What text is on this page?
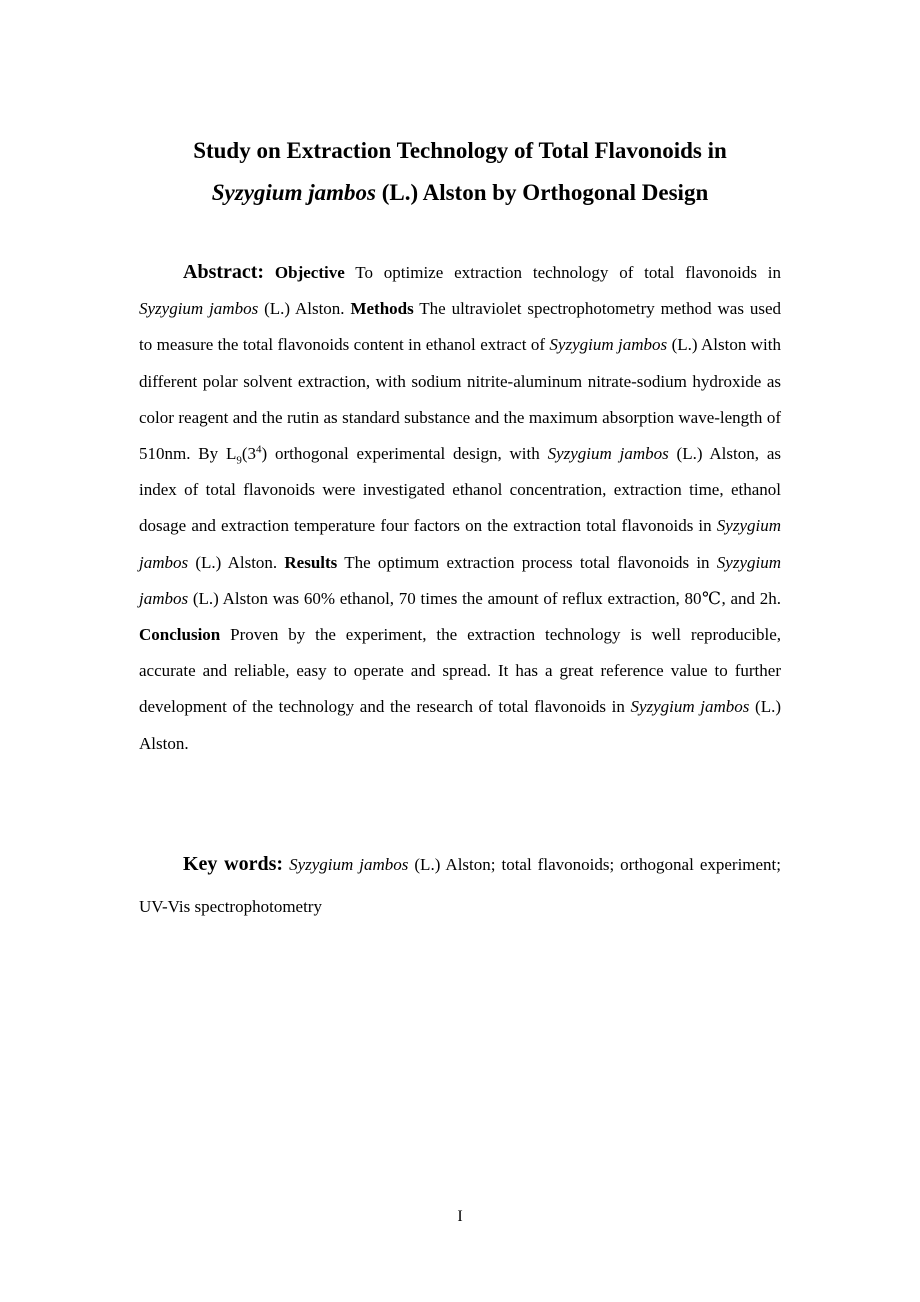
Study on Extraction Technology of Total Flavonoids in
Syzygium jambos (L.) Alston by Orthogonal Design

Abstract: Objective To optimize extraction technology of total flavonoids in Syzygium jambos (L.) Alston. Methods The ultraviolet spectrophotometry method was used to measure the total flavonoids content in ethanol extract of Syzygium jambos (L.) Alston with different polar solvent extraction, with sodium nitrite-aluminum nitrate-sodium hydroxide as color reagent and the rutin as standard substance and the maximum absorption wave-length of 510nm. By $L_9(3^4)$ orthogonal experimental design, with Syzygium jambos (L.) Alston, as index of total flavonoids were investigated ethanol concentration, extraction time, ethanol dosage and extraction temperature four factors on the extraction total flavonoids in Syzygium jambos (L.) Alston. Results The optimum extraction process total flavonoids in Syzygium jambos (L.) Alston was 60% ethanol, 70 times the amount of reflux extraction, 80℃, and 2h. Conclusion Proven by the experiment, the extraction technology is well reproducible, accurate and reliable, easy to operate and spread. It has a great reference value to further development of the technology and the research of total flavonoids in Syzygium jambos (L.) Alston.

Key words: Syzygium jambos (L.) Alston; total flavonoids; orthogonal experiment; UV-Vis spectrophotometry

I
